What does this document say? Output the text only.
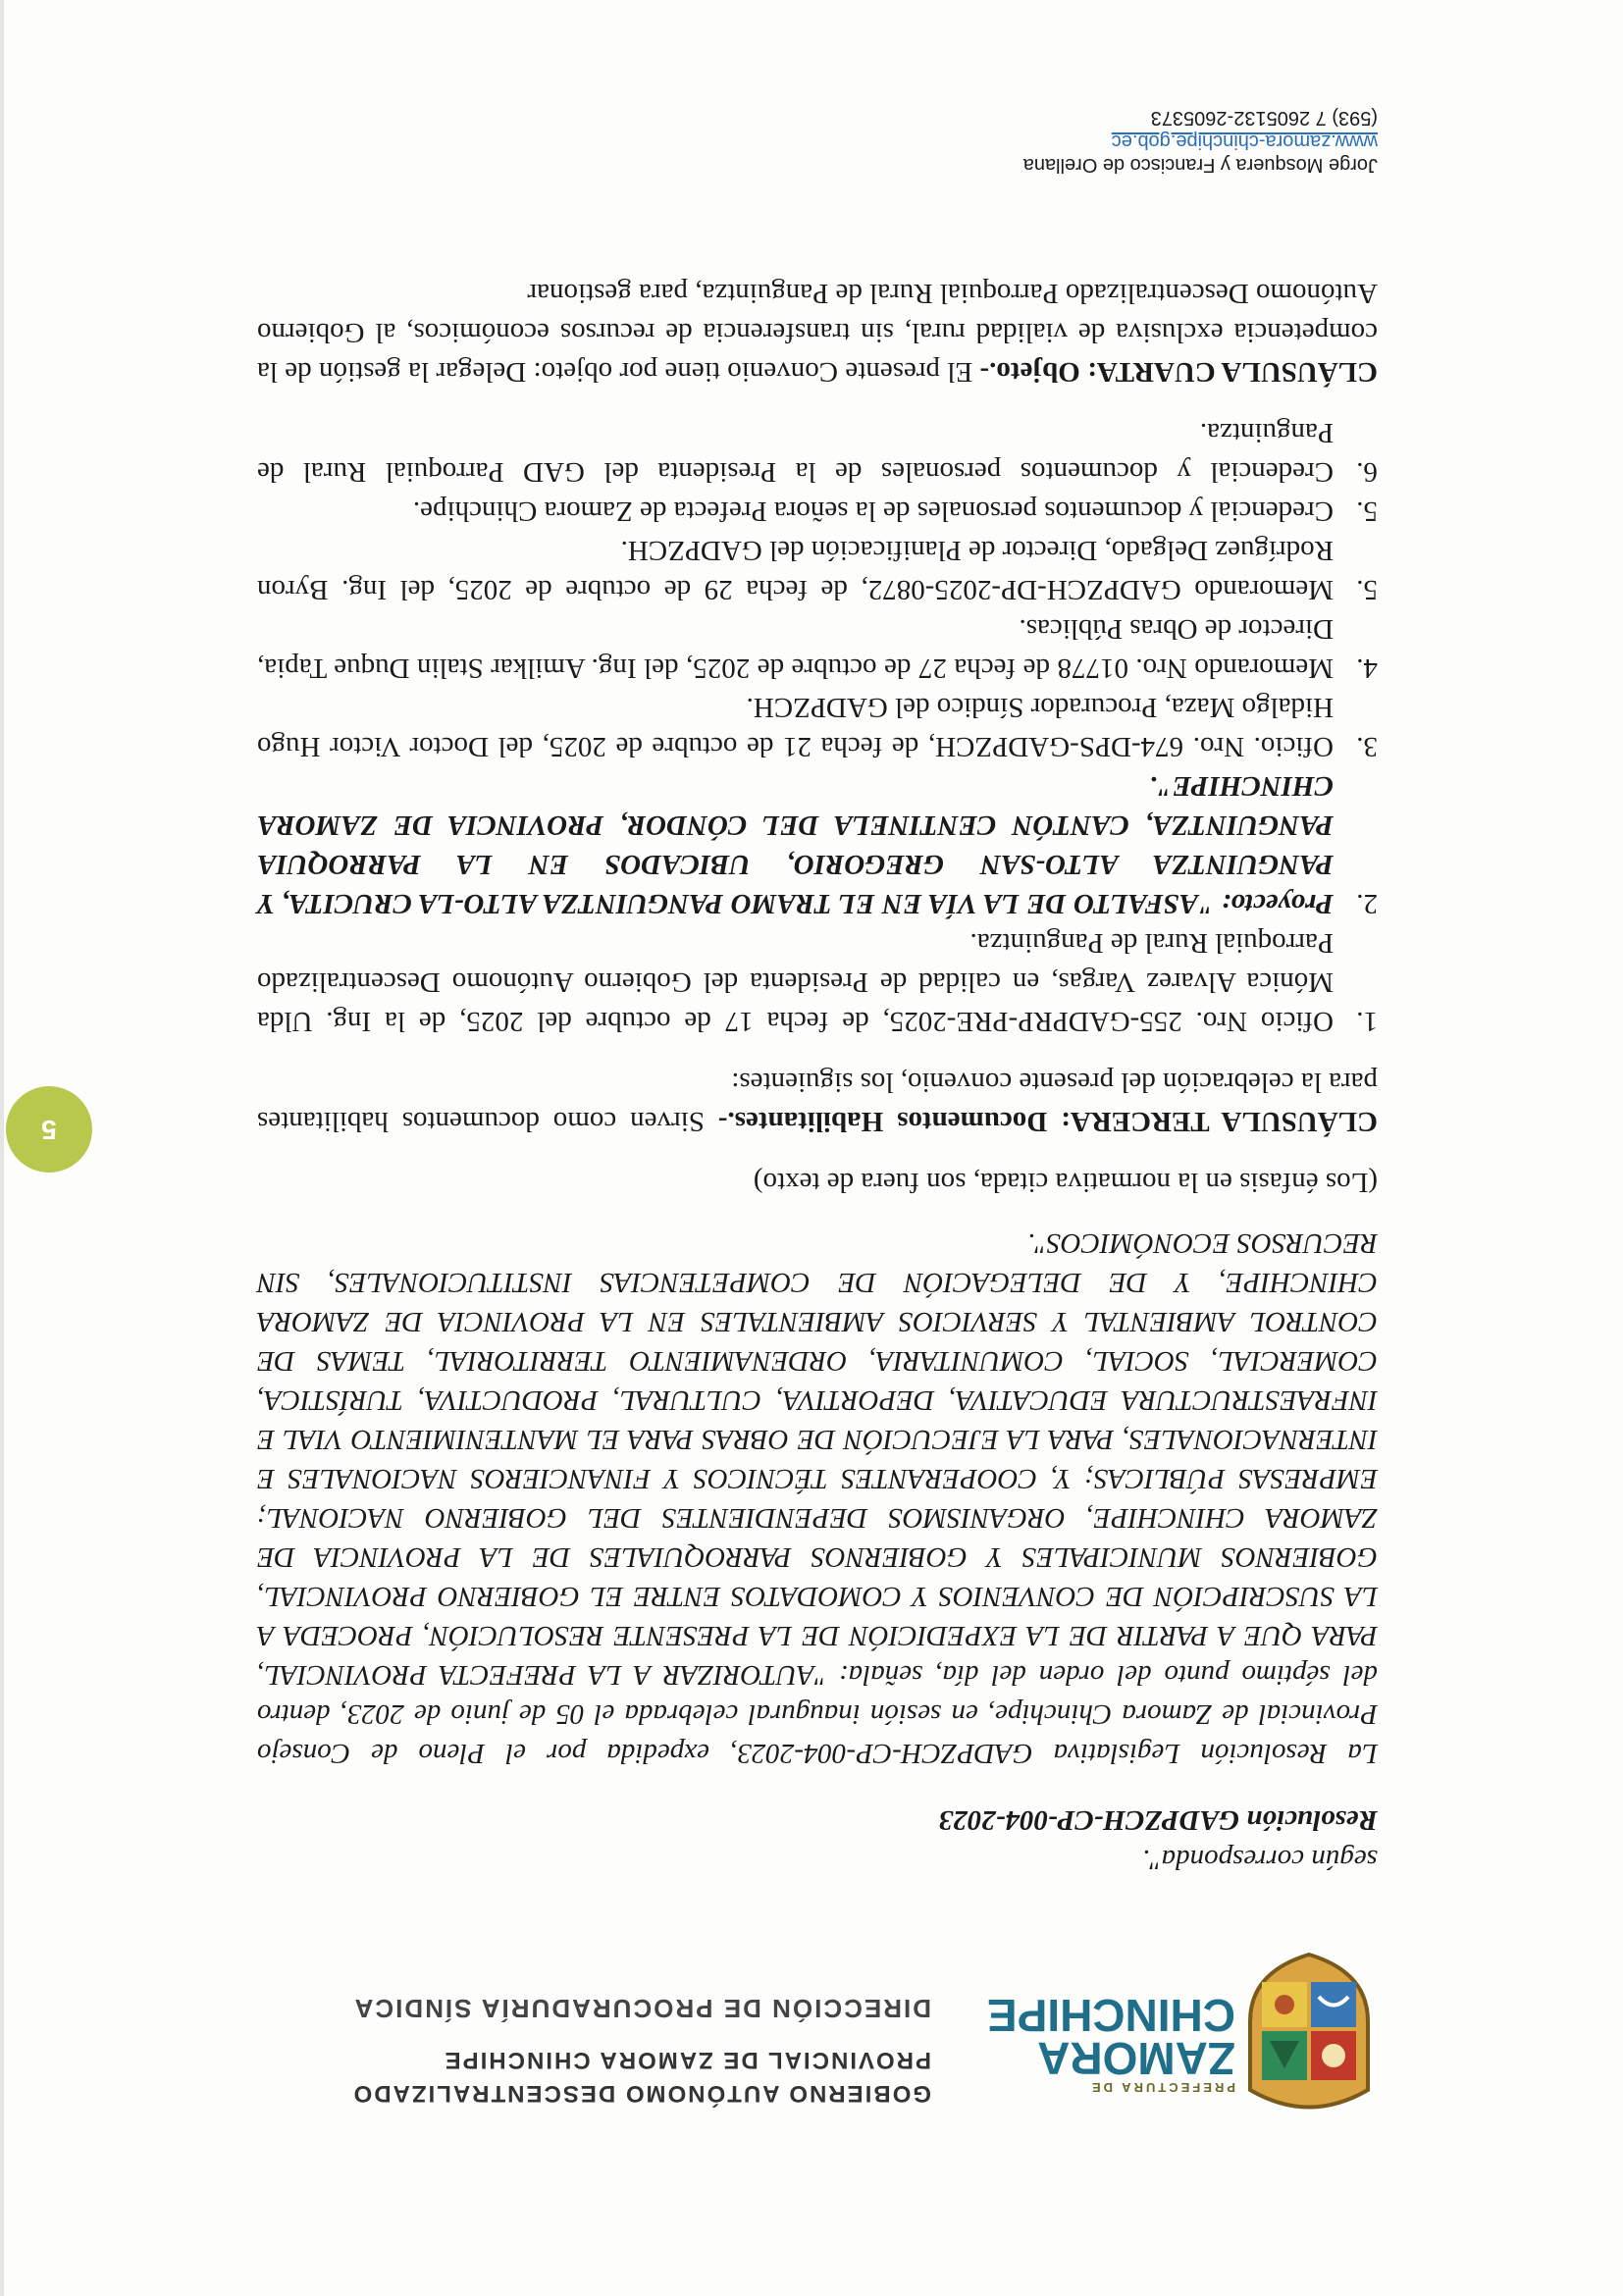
PREFECTURA DE
ZAMORA
CHINCHIPE
GOBIERNO AUTÓNOMO DESCENTRALIZADO
PROVINCIAL DE ZAMORA CHINCHIPE
DIRECCIÓN DE PROCURADURÍA SÍNDICA

según corresponda".

Resolución GADPZCH-CP-004-2023

La Resolución Legislativa GADPZCH-CP-004-2023, expedida por el Pleno de Consejo Provincial de Zamora Chinchipe, en sesión inaugural celebrada el 05 de junio de 2023, dentro del séptimo punto del orden del día, señala: "AUTORIZAR A LA PREFECTA PROVINCIAL, PARA QUE A PARTIR DE LA EXPEDICIÓN DE LA PRESENTE RESOLUCIÓN, PROCEDA A LA SUSCRIPCIÓN DE CONVENIOS Y COMODATOS ENTRE EL GOBIERNO PROVINCIAL, GOBIERNOS MUNICIPALES Y GOBIERNOS PARROQUIALES DE LA PROVINCIA DE ZAMORA CHINCHIPE, ORGANISMOS DEPENDIENTES DEL GOBIERNO NACIONAL; EMPRESAS PÚBLICAS; Y, COOPERANTES TÉCNICOS Y FINANCIEROS NACIONALES E INTERNACIONALES, PARA LA EJECUCIÓN DE OBRAS PARA EL MANTENIMIENTO VIAL E INFRAESTRUCTURA EDUCATIVA, DEPORTIVA, CULTURAL, PRODUCTIVA, TURÍSTICA, COMERCIAL, SOCIAL, COMUNITARIA, ORDENAMIENTO TERRITORIAL, TEMAS DE CONTROL AMBIENTAL Y SERVICIOS AMBIENTALES EN LA PROVINCIA DE ZAMORA CHINCHIPE, Y DE DELEGACIÓN DE COMPETENCIAS INSTITUCIONALES, SIN RECURSOS ECONÓMICOS".

(Los énfasis en la normativa citada, son fuera de texto)

CLÁUSULA TERCERA: Documentos Habilitantes.- Sirven como documentos habilitantes para la celebración del presente convenio, los siguientes:

1.
Oficio Nro. 255-GADPRP-PRE-2025, de fecha 17 de octubre del 2025, de la Ing. Ulda Mónica Alvarez Vargas, en calidad de Presidenta del Gobierno Autónomo Descentralizado Parroquial Rural de Panguintza.
2.
Proyecto: "ASFALTO DE LA VÍA EN EL TRAMO PANGUINTZA ALTO-LA CRUCITA, Y PANGUINTZA ALTO-SAN GREGORIO, UBICADOS EN LA PARROQUIA PANGUINTZA, CANTÓN CENTINELA DEL CÓNDOR, PROVINCIA DE ZAMORA CHINCHIPE".
3.
Oficio. Nro. 674-DPS-GADPZCH, de fecha 21 de octubre de 2025, del Doctor Victor Hugo Hidalgo Maza, Procurador Síndico del GADPZCH.
4.
Memorando Nro. 01778 de fecha 27 de octubre de 2025, del Ing. Amilkar Stalin Duque Tapia, Director de Obras Públicas.
5.
Memorando GADPZCH-DP-2025-0872, de fecha 29 de octubre de 2025, del Ing. Byron Rodríguez Delgado, Director de Planificación del GADPZCH.
5.
Credencial y documentos personales de la señora Prefecta de Zamora Chinchipe.
6.
Credencial y documentos personales de la Presidenta del GAD Parroquial Rural de Panguintza.

CLÁUSULA CUARTA: Objeto.- El presente Convenio tiene por objeto: Delegar la gestión de la competencia exclusiva de vialidad rural, sin transferencia de recursos económicos, al Gobierno Autónomo Descentralizado Parroquial Rural de Panguintza, para gestionar

5
Jorge Mosquera y Francisco de Orellana
www.zamora-chinchipe.gob.ec
(593) 7 2605132-2605373
